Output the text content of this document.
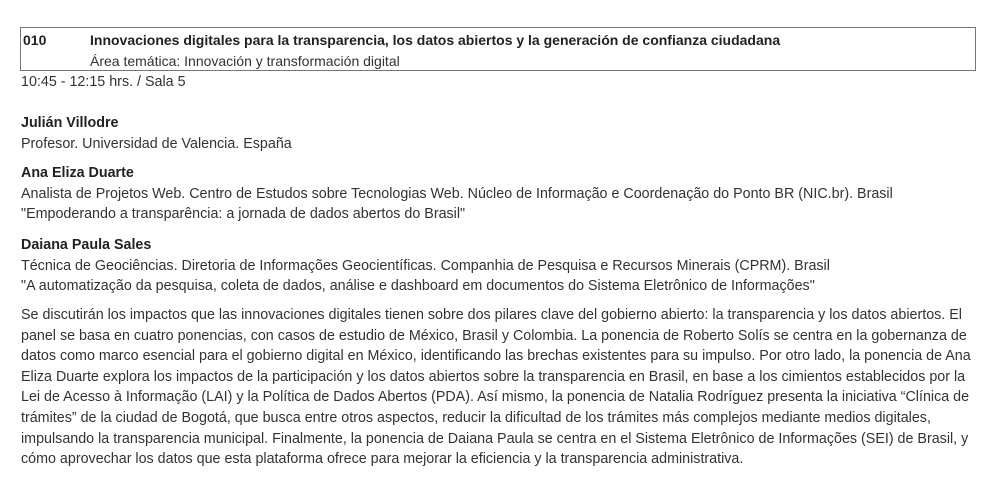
010	Innovaciones digitales para la transparencia, los datos abiertos y la generación de confianza ciudadana
Área temática: Innovación y transformación digital
10:45 - 12:15 hrs. / Sala 5
Julián Villodre
Profesor. Universidad de Valencia. España
Ana Eliza Duarte
Analista de Projetos Web. Centro de Estudos sobre Tecnologias Web. Núcleo de Informação e Coordenação do Ponto BR (NIC.br). Brasil
"Empoderando a transparência: a jornada de dados abertos do Brasil"
Daiana Paula Sales
Técnica de Geociências. Diretoria de Informações Geocientíficas. Companhia de Pesquisa e Recursos Minerais (CPRM). Brasil
"A automatização da pesquisa, coleta de dados, análise e dashboard em documentos do Sistema Eletrônico de Informações"
Se discutirán los impactos que las innovaciones digitales tienen sobre dos pilares clave del gobierno abierto: la transparencia y los datos abiertos. El panel se basa en cuatro ponencias, con casos de estudio de México, Brasil y Colombia. La ponencia de Roberto Solís se centra en la gobernanza de datos como marco esencial para el gobierno digital en México, identificando las brechas existentes para su impulso. Por otro lado, la ponencia de Ana Eliza Duarte explora los impactos de la participación y los datos abiertos sobre la transparencia en Brasil, en base a los cimientos establecidos por la Lei de Acesso à Informação (LAI) y la Política de Dados Abertos (PDA). Así mismo, la ponencia de Natalia Rodríguez presenta la iniciativa “Clínica de trámites” de la ciudad de Bogotá, que busca entre otros aspectos, reducir la dificultad de los trámites más complejos mediante medios digitales, impulsando la transparencia municipal. Finalmente, la ponencia de Daiana Paula se centra en el Sistema Eletrônico de Informações (SEI) de Brasil, y cómo aprovechar los datos que esta plataforma ofrece para mejorar la eficiencia y la transparencia administrativa.
